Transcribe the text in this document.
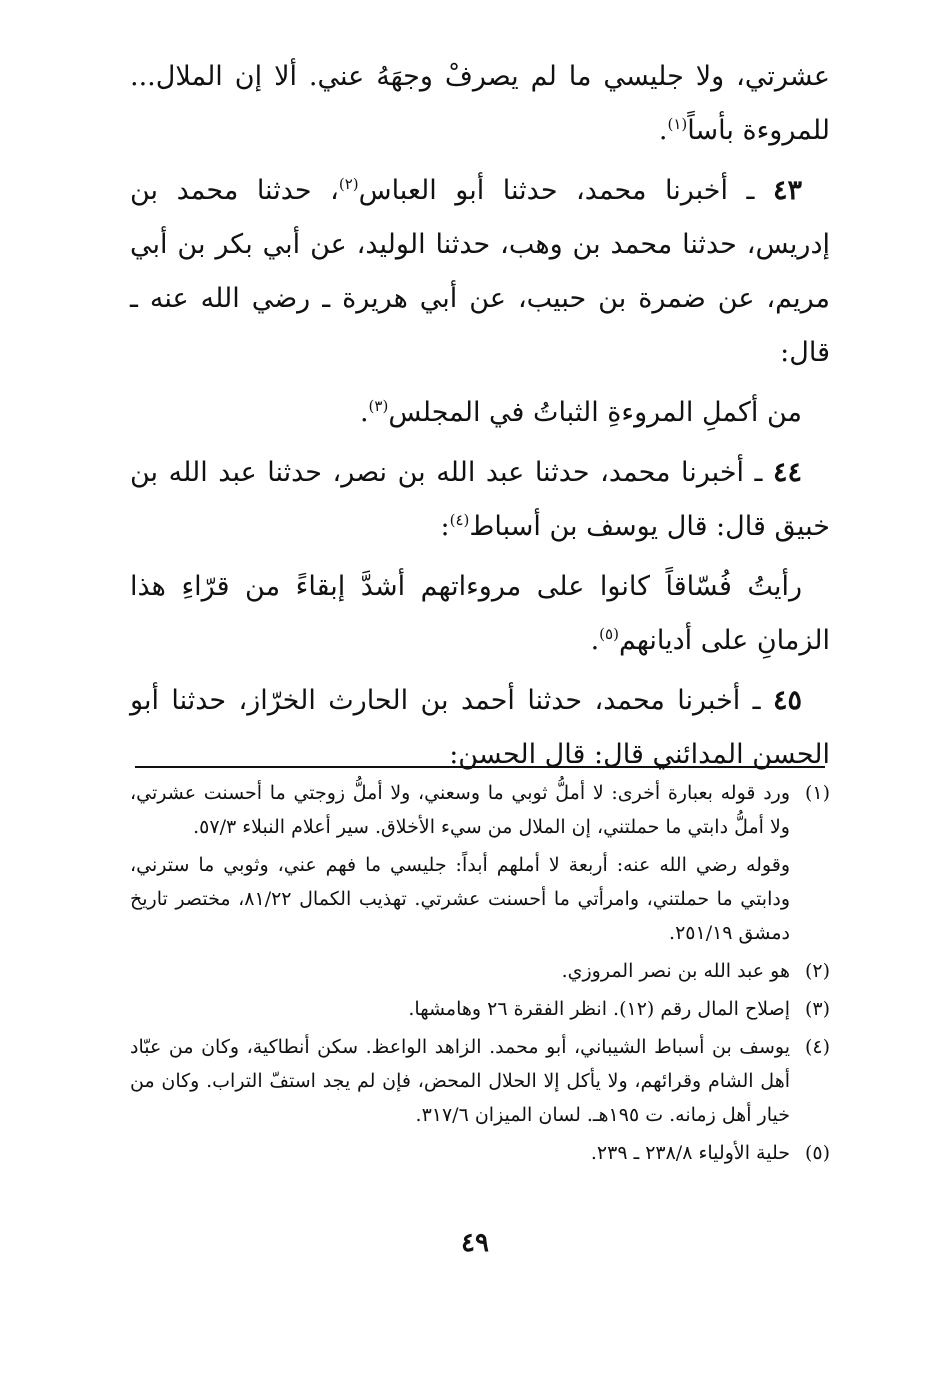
عشرتي، ولا جليسي ما لم يصرفْ وجهَهُ عني. ألا إن الملال... للمروءة بأساً$^{(١)}$.

٤٣ ـ أخبرنا محمد، حدثنا أبو العباس$^{(٢)}$، حدثنا محمد بن إدريس، حدثنا محمد بن وهب، حدثنا الوليد، عن أبي بكر بن أبي مريم، عن ضمرة بن حبيب، عن أبي هريرة ـ رضي الله عنه ـ قال:

من أكملِ المروءةِ الثباتُ في المجلس$^{(٣)}$.

٤٤ ـ أخبرنا محمد، حدثنا عبد الله بن نصر، حدثنا عبد الله بن خبيق قال: قال يوسف بن أسباط$^{(٤)}$:

رأيتُ فُسّاقاً كانوا على مروءاتهم أشدَّ إبقاءً من قرّاءِ هذا الزمانِ على أديانهم$^{(٥)}$.

٤٥ ـ أخبرنا محمد، حدثنا أحمد بن الحارث الخرّاز، حدثنا أبو الحسن المدائني قال: قال الحسن:

(١)
ورد قوله بعبارة أخرى: لا أملُّ ثوبي ما وسعني، ولا أملُّ زوجتي ما أحسنت عشرتي، ولا أملُّ دابتي ما حملتني، إن الملال من سيء الأخلاق. سير أعلام النبلاء ٥٧/٣.
وقوله رضي الله عنه: أربعة لا أملهم أبداً: جليسي ما فهم عني، وثوبي ما سترني، ودابتي ما حملتني، وامرأتي ما أحسنت عشرتي. تهذيب الكمال ٨١/٢٢، مختصر تاريخ دمشق ٢٥١/١٩.
(٢)
هو عبد الله بن نصر المروزي.
(٣)
إصلاح المال رقم (١٢). انظر الفقرة ٢٦ وهامشها.
(٤)
يوسف بن أسباط الشيباني، أبو محمد. الزاهد الواعظ. سكن أنطاكية، وكان من عبّاد أهل الشام وقرائهم، ولا يأكل إلا الحلال المحض، فإن لم يجد استفّ التراب. وكان من خيار أهل زمانه. ت ١٩٥هـ. لسان الميزان ٣١٧/٦.
(٥)
حلية الأولياء ٢٣٨/٨ ـ ٢٣٩.
٤٩
